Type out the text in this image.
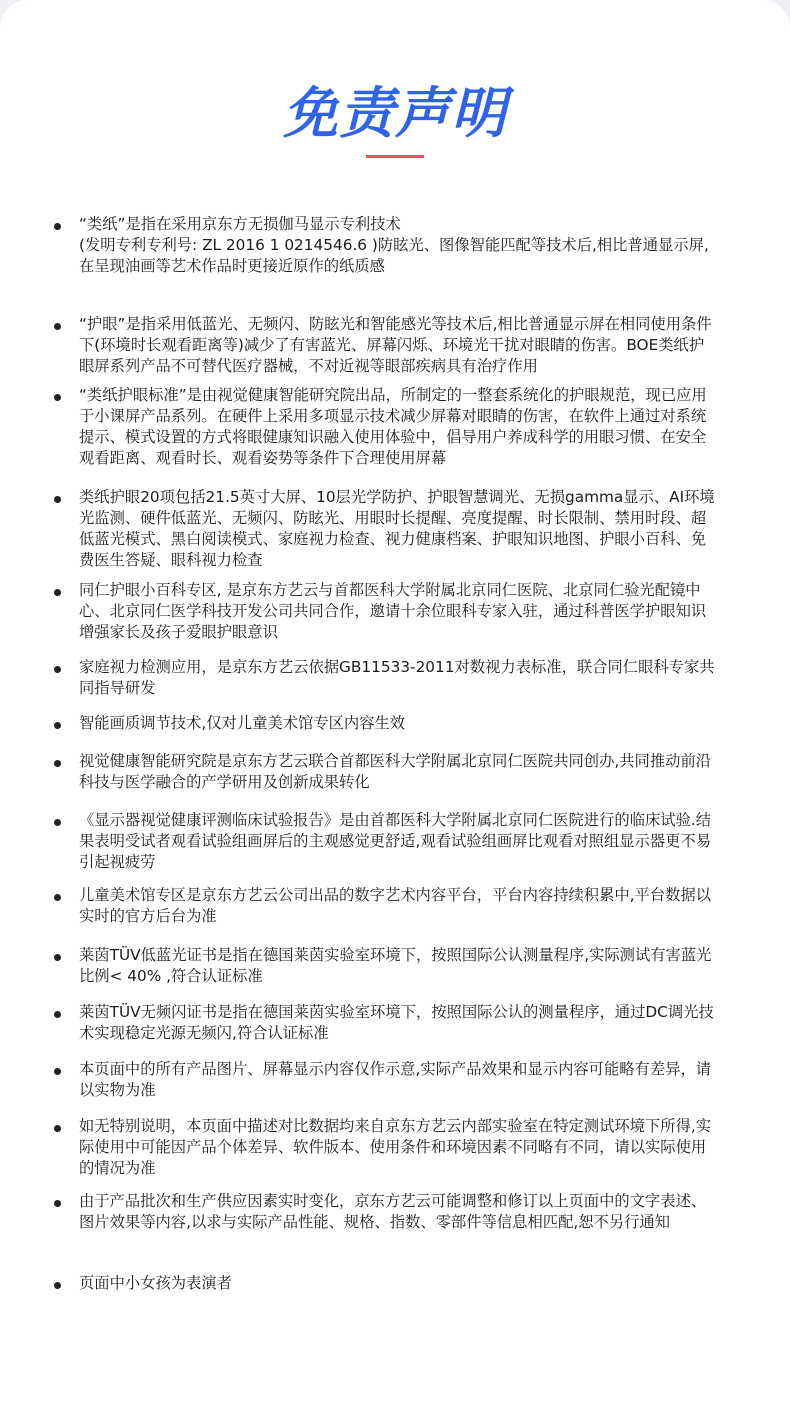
免责声明
“类纸”是指在采用京东方无损伽马显示专利技术
(发明专利专利号: ZL 2016 1 0214546.6 )防眩光、图像智能匹配等技术后,相比普通显示屏,在呈现油画等艺术作品时更接近原作的纸质感
“护眼”是指采用低蓝光、无频闪、防眩光和智能感光等技术后,相比普通显示屏在相同使用条件下(环境时长观看距离等)减少了有害蓝光、屏幕闪烁、环境光干扰对眼睛的伤害。BOE类纸护眼屏系列产品不可替代医疗器械，不对近视等眼部疾病具有治疗作用
“类纸护眼标准”是由视觉健康智能研究院出品，所制定的一整套系统化的护眼规范，现已应用于小课屏产品系列。在硬件上采用多项显示技术减少屏幕对眼睛的伤害，在软件上通过对系统提示、模式设置的方式将眼健康知识融入使用体验中，倡导用户养成科学的用眼习惯、在安全观看距离、观看时长、观看姿势等条件下合理使用屏幕
类纸护眼20项包括21.5英寸大屏、10层光学防护、护眼智慧调光、无损gamma显示、AI环境光监测、硬件低蓝光、无频闪、防眩光、用眼时长提醒、亮度提醒、时长限制、禁用时段、超低蓝光模式、黑白阅读模式、家庭视力检查、视力健康档案、护眼知识地图、护眼小百科、免费医生答疑、眼科视力检查
同仁护眼小百科专区, 是京东方艺云与首都医科大学附属北京同仁医院、北京同仁验光配镜中心、北京同仁医学科技开发公司共同合作，邀请十余位眼科专家入驻，通过科普医学护眼知识增强家长及孩子爱眼护眼意识
家庭视力检测应用，是京东方艺云依据GB11533-2011对数视力表标准，联合同仁眼科专家共同指导研发
智能画质调节技术,仅对儿童美术馆专区内容生效
视觉健康智能研究院是京东方艺云联合首都医科大学附属北京同仁医院共同创办,共同推动前沿科技与医学融合的产学研用及创新成果转化
《显示器视觉健康评测临床试验报告》是由首都医科大学附属北京同仁医院进行的临床试验.结果表明受试者观看试验组画屏后的主观感觉更舒适,观看试验组画屏比观看对照组显示器更不易引起视疲劳
儿童美术馆专区是京东方艺云公司出品的数字艺术内容平台，平台内容持续积累中,平台数据以实时的官方后台为准
莱茵TÜV低蓝光证书是指在德国莱茵实验室环境下，按照国际公认测量程序,实际测试有害蓝光比例< 40% ,符合认证标准
莱茵TÜV无频闪证书是指在德国莱茵实验室环境下，按照国际公认的测量程序，通过DC调光技术实现稳定光源无频闪,符合认证标准
本页面中的所有产品图片、屏幕显示内容仅作示意,实际产品效果和显示内容可能略有差异，请以实物为准
如无特别说明，本页面中描述对比数据均来自京东方艺云内部实验室在特定测试环境下所得,实际使用中可能因产品个体差异、软件版本、使用条件和环境因素不同略有不同，请以实际使用的情况为准
由于产品批次和生产供应因素实时变化，京东方艺云可能调整和修订以上页面中的文字表述、图片效果等内容,以求与实际产品性能、规格、指数、零部件等信息相匹配,恕不另行通知
页面中小女孩为表演者
